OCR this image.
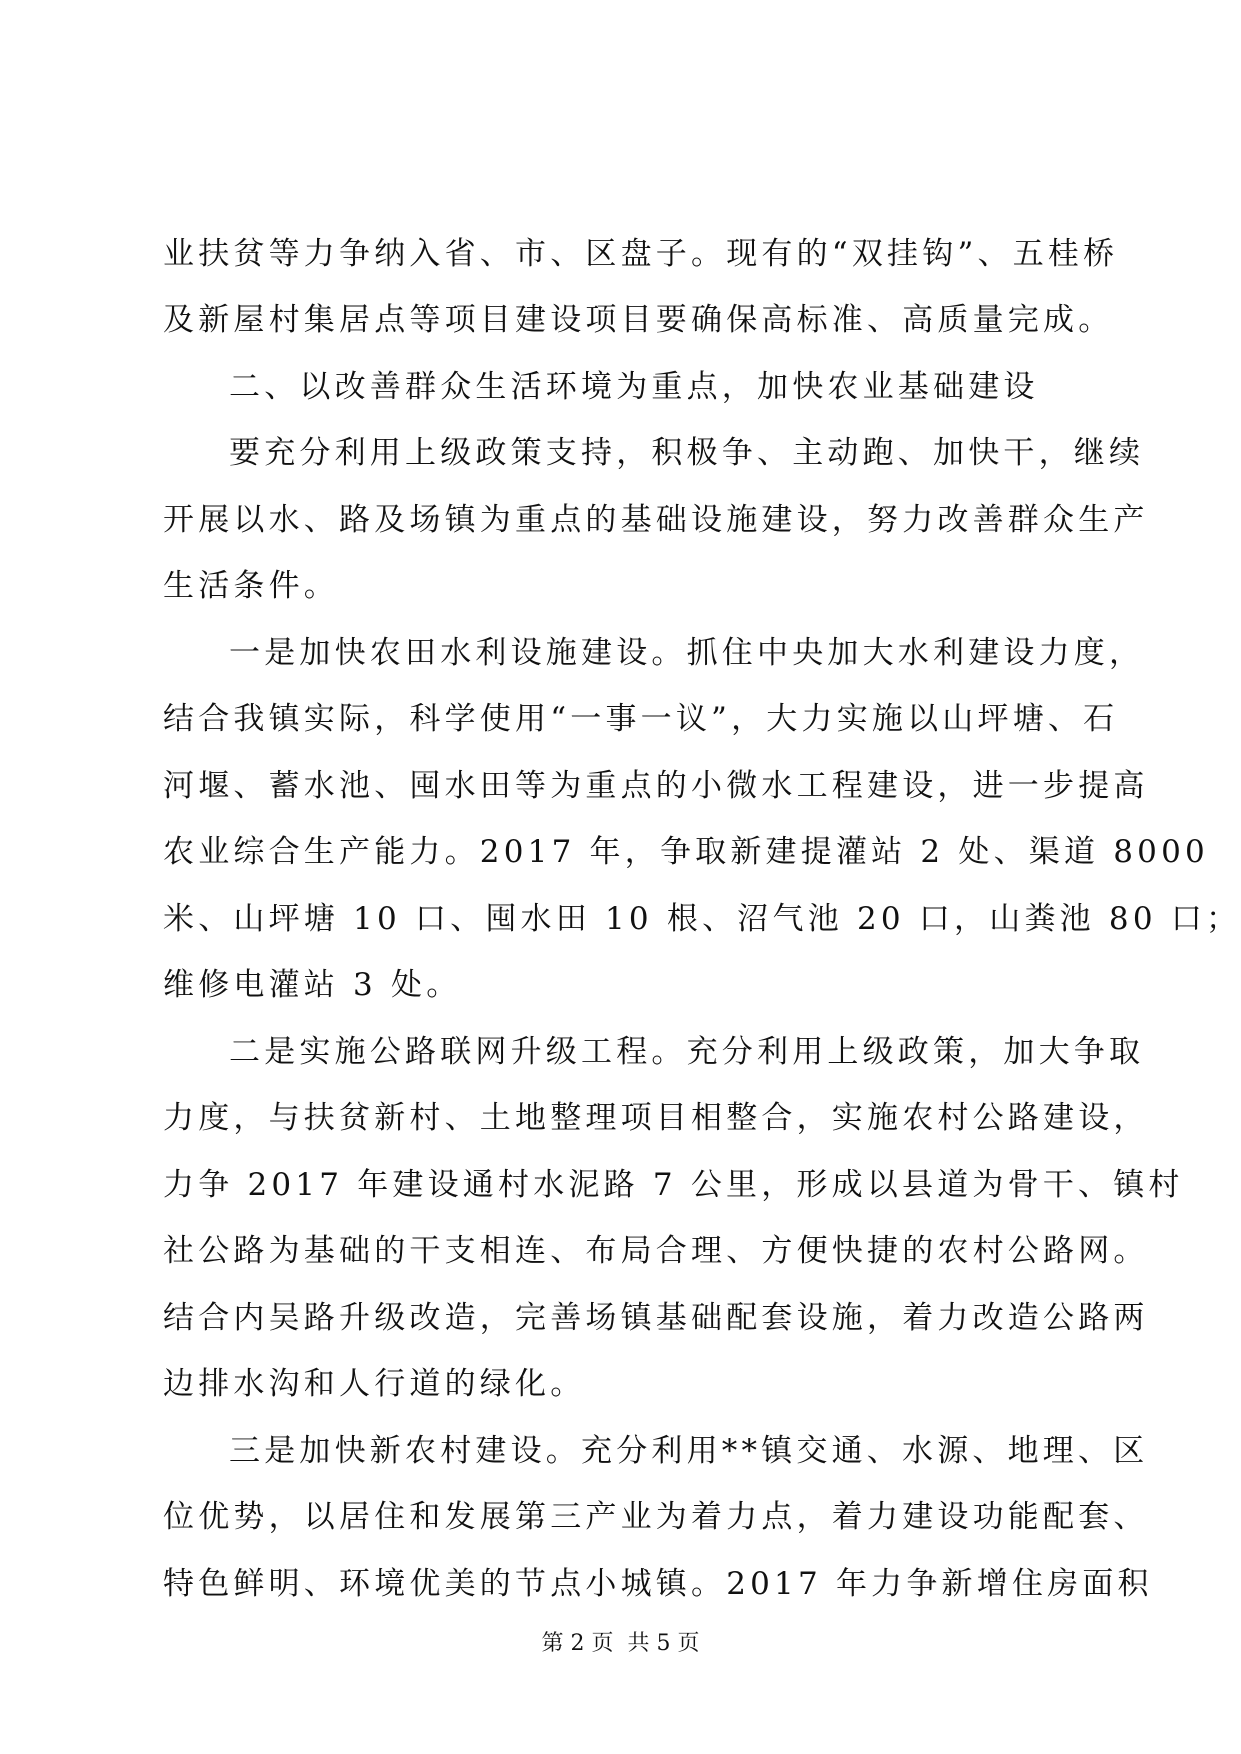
业扶贫等力争纳入省、市、区盘子。现有的“双挂钩”、五桂桥
及新屋村集居点等项目建设项目要确保高标准、高质量完成。
二、以改善群众生活环境为重点，加快农业基础建设
要充分利用上级政策支持，积极争、主动跑、加快干，继续
开展以水、路及场镇为重点的基础设施建设，努力改善群众生产
生活条件。
一是加快农田水利设施建设。抓住中央加大水利建设力度，
结合我镇实际，科学使用“一事一议”，大力实施以山坪塘、石
河堰、蓄水池、囤水田等为重点的小微水工程建设，进一步提高
农业综合生产能力。2017 年，争取新建提灌站 2 处、渠道 8000
米、山坪塘 10 口、囤水田 10 根、沼气池 20 口，山粪池 80 口；
维修电灌站 3 处。
二是实施公路联网升级工程。充分利用上级政策，加大争取
力度，与扶贫新村、土地整理项目相整合，实施农村公路建设，
力争 2017 年建设通村水泥路 7 公里，形成以县道为骨干、镇村
社公路为基础的干支相连、布局合理、方便快捷的农村公路网。
结合内吴路升级改造，完善场镇基础配套设施，着力改造公路两
边排水沟和人行道的绿化。
三是加快新农村建设。充分利用**镇交通、水源、地理、区
位优势，以居住和发展第三产业为着力点，着力建设功能配套、
特色鲜明、环境优美的节点小城镇。2017 年力争新增住房面积
第 2 页  共 5 页
